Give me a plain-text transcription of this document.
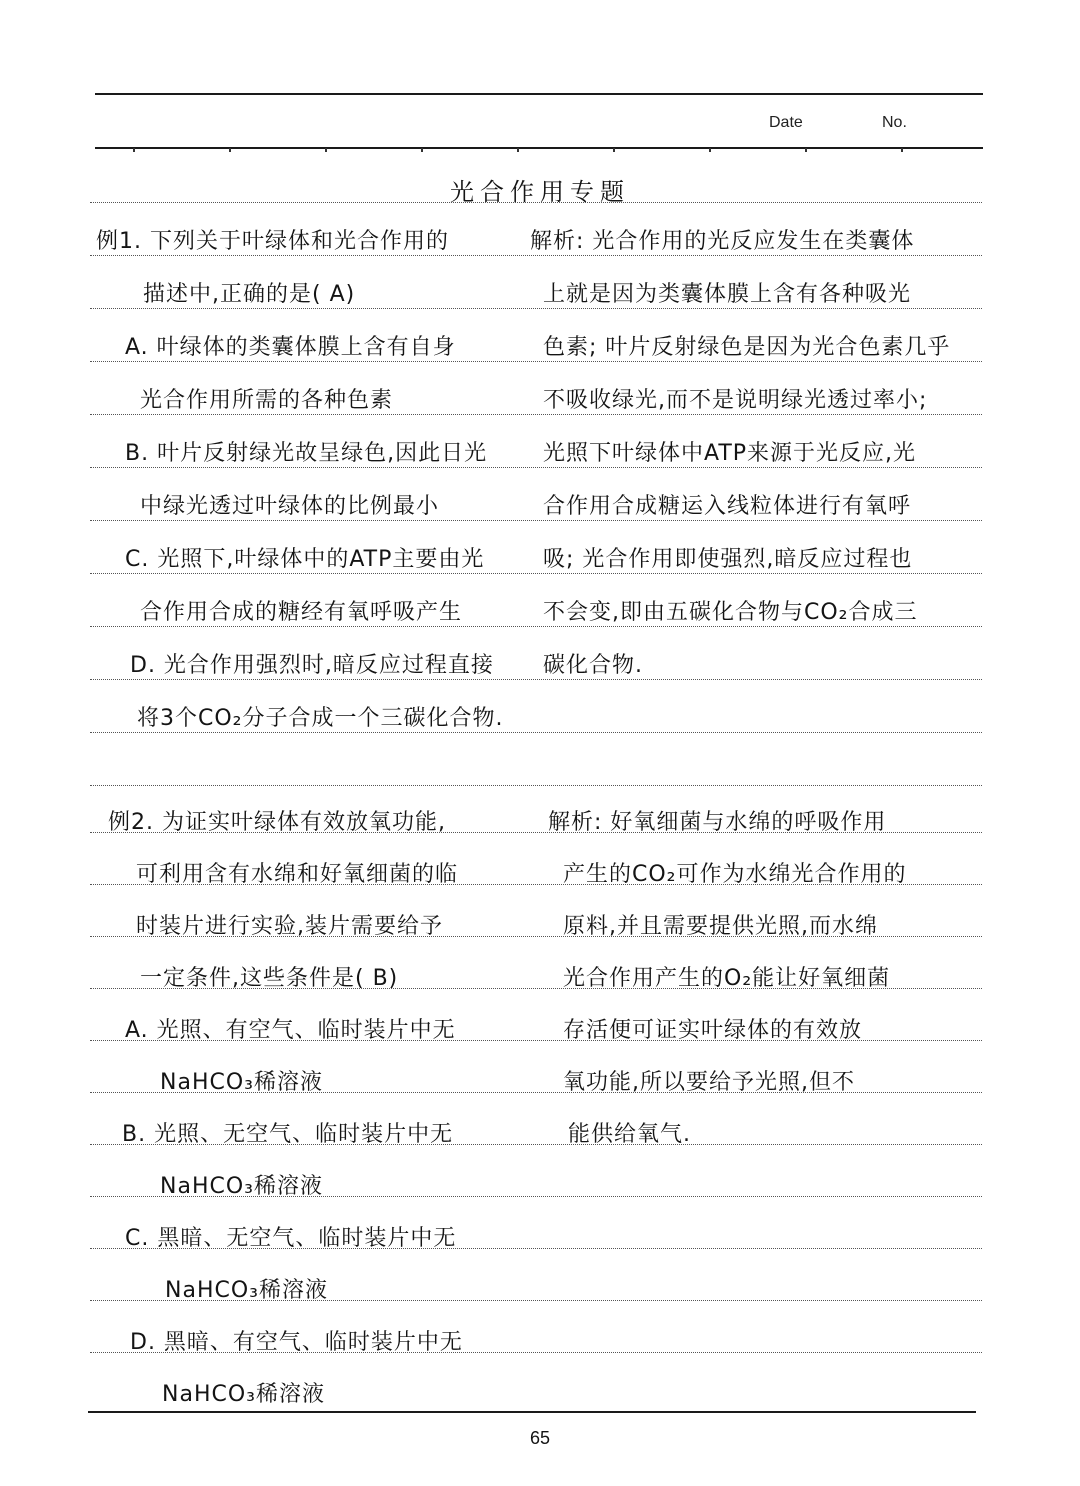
Date	No.
光合作用专题
例1. 下列关于叶绿体和光合作用的
描述中,正确的是( A)
A. 叶绿体的类囊体膜上含有自身
光合作用所需的各种色素
B. 叶片反射绿光故呈绿色,因此日光
中绿光透过叶绿体的比例最小
C. 光照下,叶绿体中的ATP主要由光
合作用合成的糖经有氧呼吸产生
D. 光合作用强烈时,暗反应过程直接
将3个CO₂分子合成一个三碳化合物.
解析: 光合作用的光反应发生在类囊体
上就是因为类囊体膜上含有各种吸光
色素; 叶片反射绿色是因为光合色素几乎
不吸收绿光,而不是说明绿光透过率小;
光照下叶绿体中ATP来源于光反应,光
合作用合成糖运入线粒体进行有氧呼
吸; 光合作用即使强烈,暗反应过程也
不会变,即由五碳化合物与CO₂合成三
碳化合物.
例2. 为证实叶绿体有效放氧功能,
可利用含有水绵和好氧细菌的临
时装片进行实验,装片需要给予
一定条件,这些条件是( B)
A. 光照、有空气、临时装片中无
NaHCO₃稀溶液
B. 光照、无空气、临时装片中无
NaHCO₃稀溶液
C. 黑暗、无空气、临时装片中无
NaHCO₃稀溶液
D. 黑暗、有空气、临时装片中无
NaHCO₃稀溶液
解析: 好氧细菌与水绵的呼吸作用
产生的CO₂可作为水绵光合作用的
原料,并且需要提供光照,而水绵
光合作用产生的O₂能让好氧细菌
存活便可证实叶绿体的有效放
氧功能,所以要给予光照,但不
能供给氧气.
65
